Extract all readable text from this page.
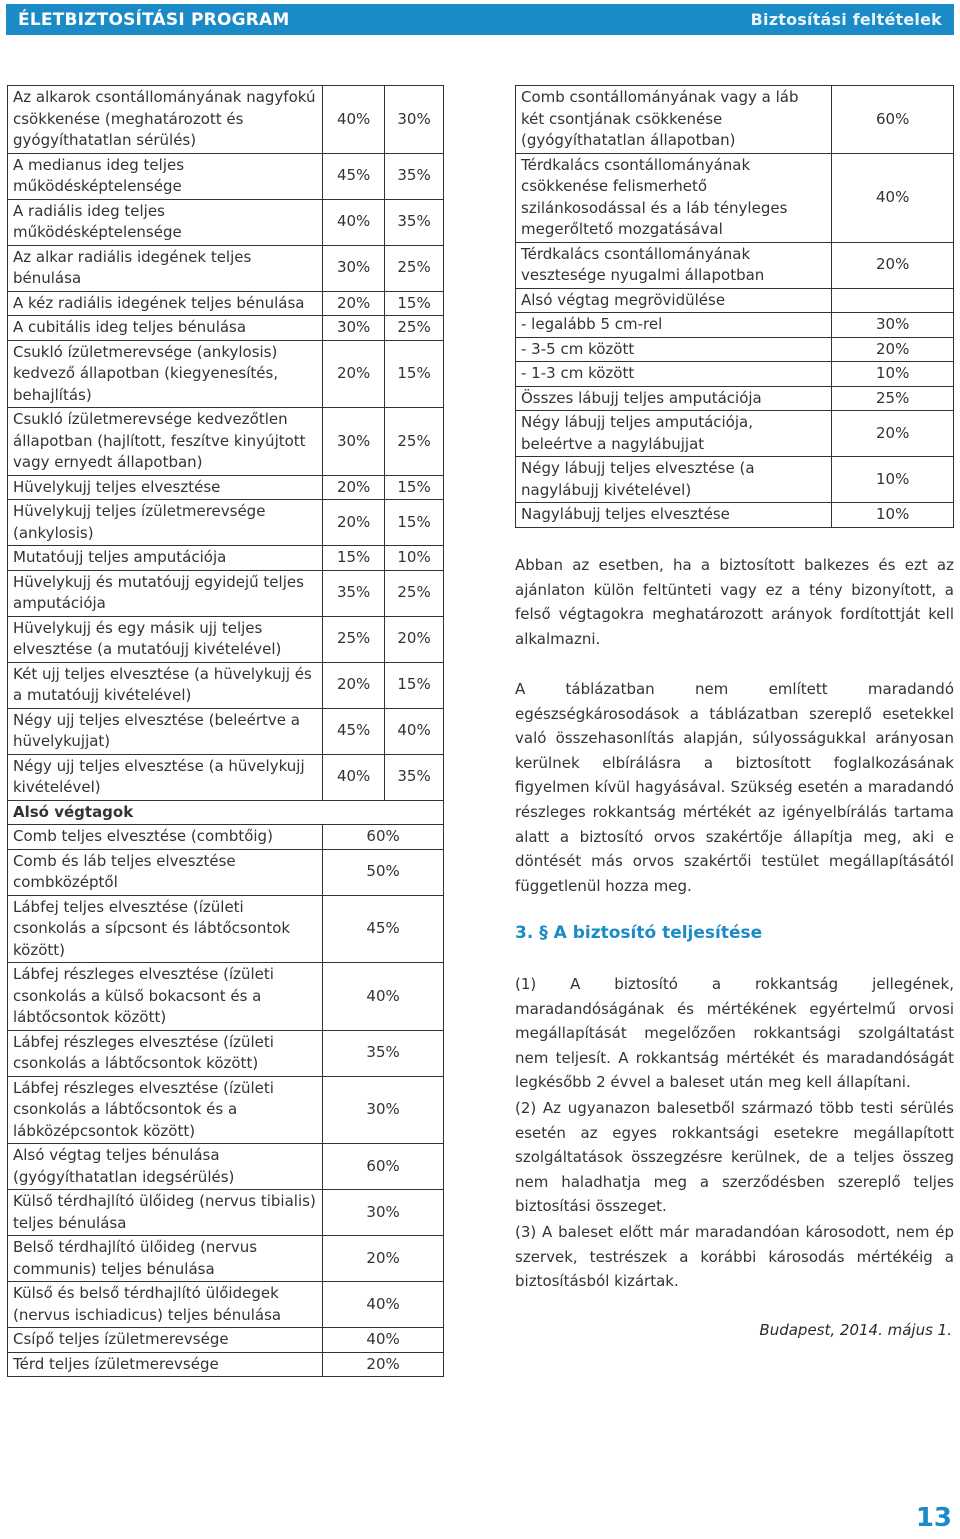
ÉLETBIZTOSÍTÁSI PROGRAM	Biztosítási feltételek
Az alkarok csontállományának nagyfokú csökkenése (meghatározott és gyógyíthatatlan sérülés)	40%	30%
A medianus ideg teljes működésképtelensége	45%	35%
A radiális ideg teljes működésképtelensége	40%	35%
Az alkar radiális idegének teljes bénulása	30%	25%
A kéz radiális idegének teljes bénulása	20%	15%
A cubitális ideg teljes bénulása	30%	25%
Csukló ízületmerevsége (ankylosis) kedvező állapotban (kiegyenesítés, behajlítás)	20%	15%
Csukló ízületmerevsége kedvezőtlen állapotban (hajlított, feszítve kinyújtott vagy ernyedt állapotban)	30%	25%
Hüvelykujj teljes elvesztése	20%	15%
Hüvelykujj teljes ízületmerevsége (ankylosis)	20%	15%
Mutatóujj teljes amputációja	15%	10%
Hüvelykujj és mutatóujj egyidejű teljes amputációja	35%	25%
Hüvelykujj és egy másik ujj teljes elvesztése (a mutatóujj kivételével)	25%	20%
Két ujj teljes elvesztése (a hüvelykujj és a mutatóujj kivételével)	20%	15%
Négy ujj teljes elvesztése (beleértve a hüvelykujjat)	45%	40%
Négy ujj teljes elvesztése (a hüvelykujj kivételével)	40%	35%
Alsó végtagok		
Comb teljes elvesztése (combtőig)	60%	
Comb és láb teljes elvesztése combközéptől	50%	
Lábfej teljes elvesztése (ízületi csonkolás a sípcsont és lábtőcsontok között)	45%	
Lábfej részleges elvesztése (ízületi csonkolás a külső bokacsont és a lábtőcsontok között)	40%	
Lábfej részleges elvesztése (ízületi csonkolás a lábtőcsontok között)	35%	
Lábfej részleges elvesztése (ízületi csonkolás a lábtőcsontok és a lábközépcsontok között)	30%	
Alsó végtag teljes bénulása (gyógyíthatatlan idegsérülés)	60%	
Külső térdhajlító ülőideg (nervus tibialis) teljes bénulása	30%	
Belső térdhajlító ülőideg (nervus communis) teljes bénulása	20%	
Külső és belső térdhajlító ülőidegek (nervus ischiadicus) teljes bénulása	40%	
Csípő teljes ízületmerevsége	40%	
Térd teljes ízületmerevsége	20%	
Comb csontállományának vagy a láb két csontjának csökkenése (gyógyíthatatlan állapotban)	60%
Térdkalács csontállományának csökkenése felismerhető szilánkosodással és a láb tényleges megerőltető mozgatásával	40%
Térdkalács csontállományának vesztesége nyugalmi állapotban	20%
Alsó végtag megrövidülése	
- legalább 5 cm-rel	30%
- 3-5 cm között	20%
- 1-3 cm között	10%
Összes lábujj teljes amputációja	25%
Négy lábujj teljes amputációja, beleértve a nagylábujjat	20%
Négy lábujj teljes elvesztése (a nagylábujj kivételével)	10%
Nagylábujj teljes elvesztése	10%

Abban az esetben, ha a biztosított balkezes és ezt az ajánlaton külön feltünteti vagy ez a tény bizonyított, a felső végtagokra meghatározott arányok fordítottját kell alkalmazni.

A táblázatban nem említett maradandó egészségkárosodások a táblázatban szereplő esetekkel való összehasonlítás alapján, súlyosságukkal arányosan kerülnek elbírálásra a biztosított foglalkozásának figyelmen kívül hagyásával. Szükség esetén a maradandó részleges rokkantság mértékét az igényelbírálás tartama alatt a biztosító orvos szakértője állapítja meg, aki e döntését más orvos szakértői testület megállapításától függetlenül hozza meg.

3. § A biztosító teljesítése

(1) A biztosító a rokkantság jellegének, maradandóságának és mértékének egyértelmű orvosi megállapítását megelőzően rokkantsági szolgáltatást nem teljesít. A rokkantság mértékét és maradandóságát legkésőbb 2 évvel a baleset után meg kell állapítani.

(2) Az ugyanazon balesetből származó több testi sérülés esetén az egyes rokkantsági esetekre megállapított szolgáltatások összegzésre kerülnek, de a teljes összeg nem haladhatja meg a szerződésben szereplő teljes biztosítási összeget.

(3) A baleset előtt már maradandóan károsodott, nem ép szervek, testrészek a korábbi károsodás mértékéig a biztosításból kizártak.

Budapest, 2014. május 1.

13
